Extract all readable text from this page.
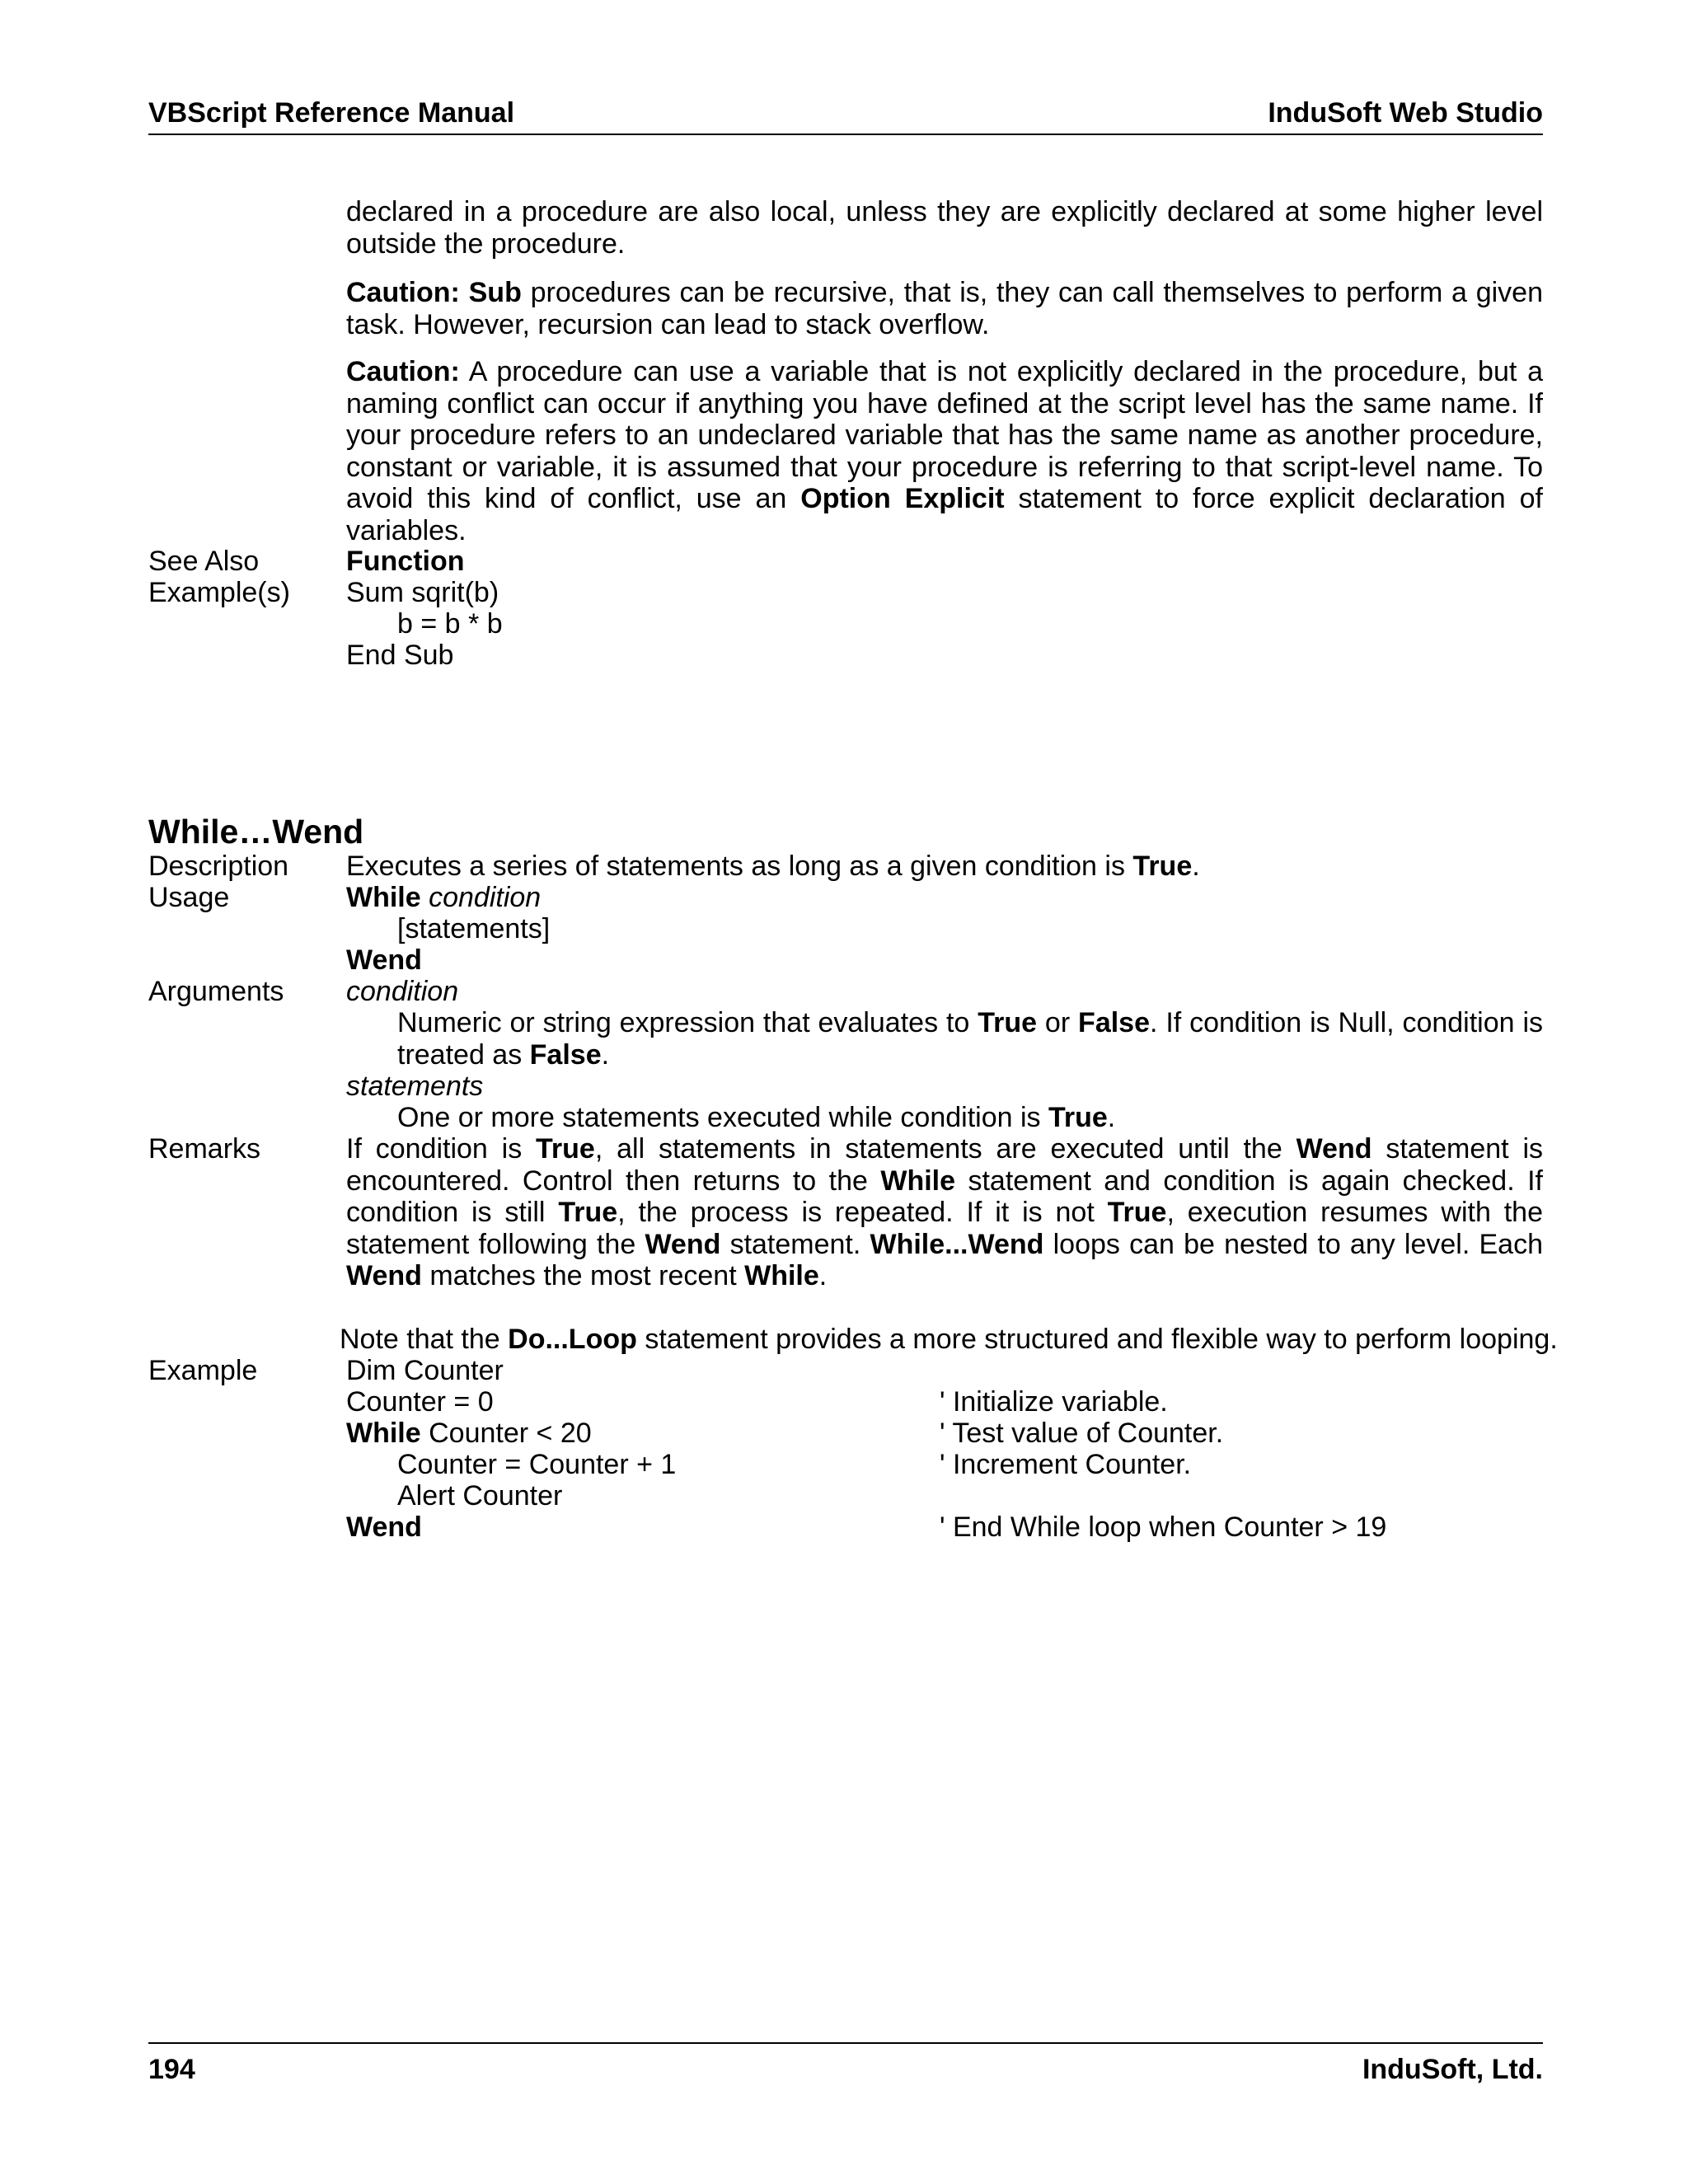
VBScript Reference Manual	InduSoft Web Studio
declared in a procedure are also local, unless they are explicitly declared at some higher level outside the procedure.
Caution: Sub procedures can be recursive, that is, they can call themselves to perform a given task. However, recursion can lead to stack overflow.
Caution: A procedure can use a variable that is not explicitly declared in the procedure, but a naming conflict can occur if anything you have defined at the script level has the same name. If your procedure refers to an undeclared variable that has the same name as another procedure, constant or variable, it is assumed that your procedure is referring to that script-level name. To avoid this kind of conflict, use an Option Explicit statement to force explicit declaration of variables.
See Also	Function
Example(s) Sum sqrit(b)
b = b * b
End Sub
While…Wend
Description Executes a series of statements as long as a given condition is True.
Usage	While condition
[statements]
Wend
Arguments condition
Numeric or string expression that evaluates to True or False. If condition is Null, condition is treated as False.
statements
One or more statements executed while condition is True.
Remarks	If condition is True, all statements in statements are executed until the Wend statement is encountered. Control then returns to the While statement and condition is again checked. If condition is still True, the process is repeated. If it is not True, execution resumes with the statement following the Wend statement. While...Wend loops can be nested to any level. Each Wend matches the most recent While.
Note that the Do...Loop statement provides a more structured and flexible way to perform looping.
Example	Dim Counter
Counter = 0	' Initialize variable.
While Counter < 20	' Test value of Counter.
Counter = Counter + 1	' Increment Counter.
Alert Counter
Wend	' End While loop when Counter > 19
194	InduSoft, Ltd.
